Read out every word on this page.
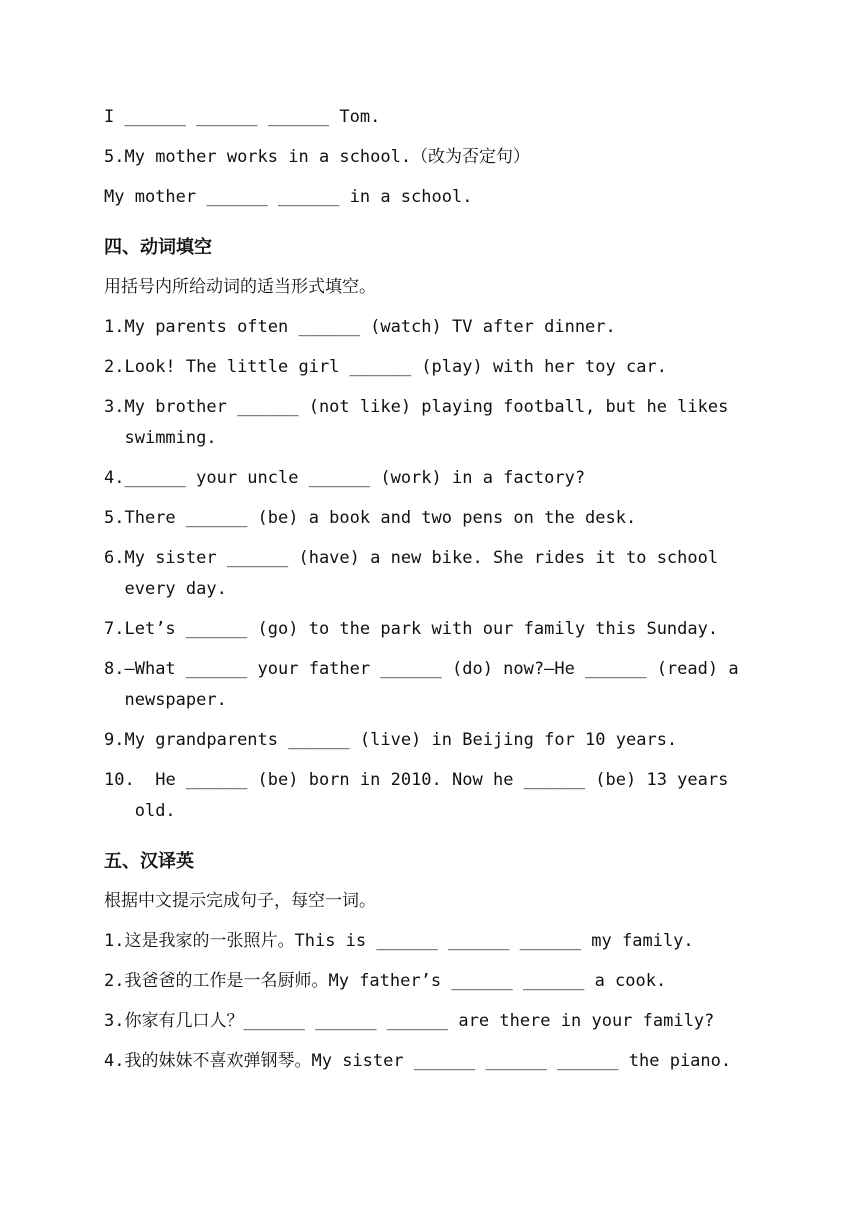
I ______ ______ ______ Tom.
5. My mother works in a school.（改为否定句）
My mother ______ ______ in a school.
四、动词填空
用括号内所给动词的适当形式填空。
1. My parents often ______ (watch) TV after dinner.
2. Look! The little girl ______ (play) with her toy car.
3. My brother ______ (not like) playing football, but he likes swimming.
4. ______ your uncle ______ (work) in a factory?
5. There ______ (be) a book and two pens on the desk.
6. My sister ______ (have) a new bike. She rides it to school every day.
7. Let’s ______ (go) to the park with our family this Sunday.
8. —What ______ your father ______ (do) now?—He ______ (read) a newspaper.
9. My grandparents ______ (live) in Beijing for 10 years.
10. He ______ (be) born in 2010. Now he ______ (be) 13 years old.
五、汉译英
根据中文提示完成句子，每空一词。
1. 这是我家的一张照片。This is ______ ______ ______ my family.
2. 我爸爸的工作是一名厨师。My father’s ______ ______ a cook.
3. 你家有几口人？______ ______ ______ are there in your family?
4. 我的妹妹不喜欢弹钢琴。My sister ______ ______ ______ the piano.
